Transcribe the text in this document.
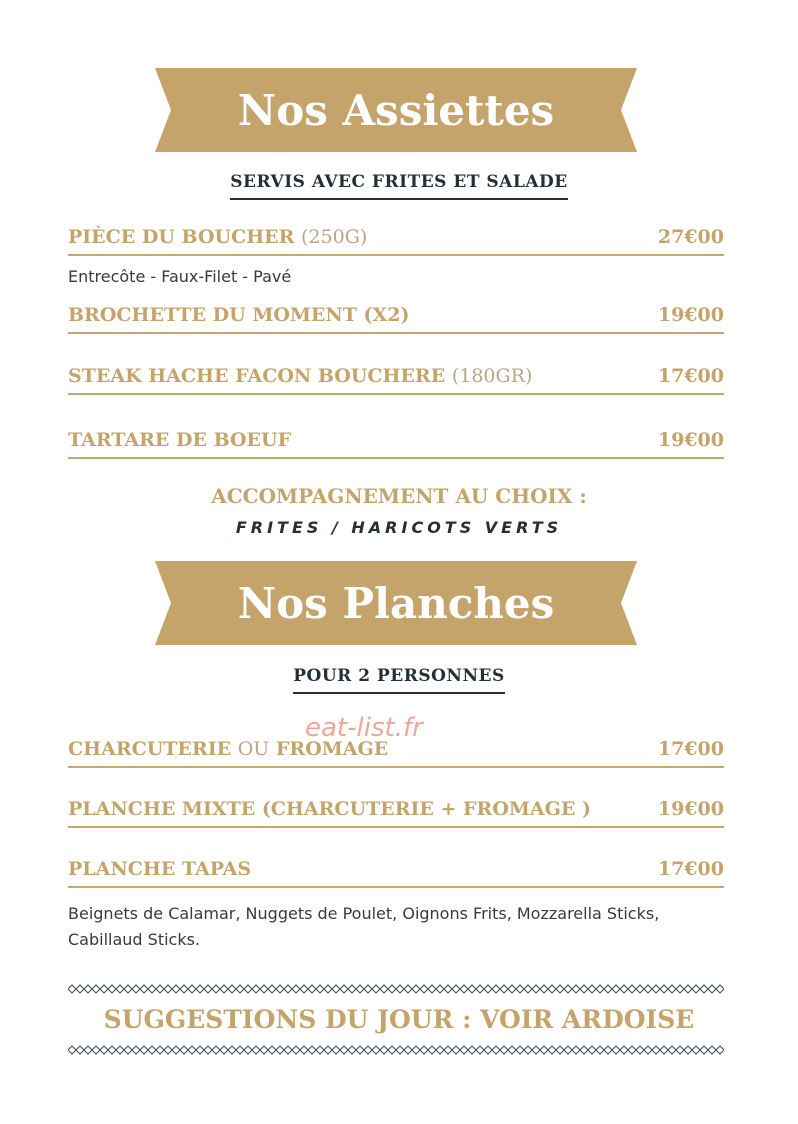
Nos Assiettes
SERVIS AVEC FRITES ET SALADE
PIÈCE DU BOUCHER (250G)	27€00
Entrecôte - Faux-Filet - Pavé
BROCHETTE DU MOMENT (X2)	19€00
STEAK HACHE FACON BOUCHERE (180GR)	17€00
TARTARE DE BOEUF	19€00
ACCOMPAGNEMENT AU CHOIX :
FRITES / HARICOTS VERTS
Nos Planches
POUR 2 PERSONNES
CHARCUTERIE OU FROMAGE	17€00
eat-list.fr
PLANCHE MIXTE (CHARCUTERIE + FROMAGE )	19€00
PLANCHE TAPAS	17€00
Beignets de Calamar, Nuggets de Poulet, Oignons Frits, Mozzarella Sticks, Cabillaud Sticks.
SUGGESTIONS DU JOUR : VOIR ARDOISE
